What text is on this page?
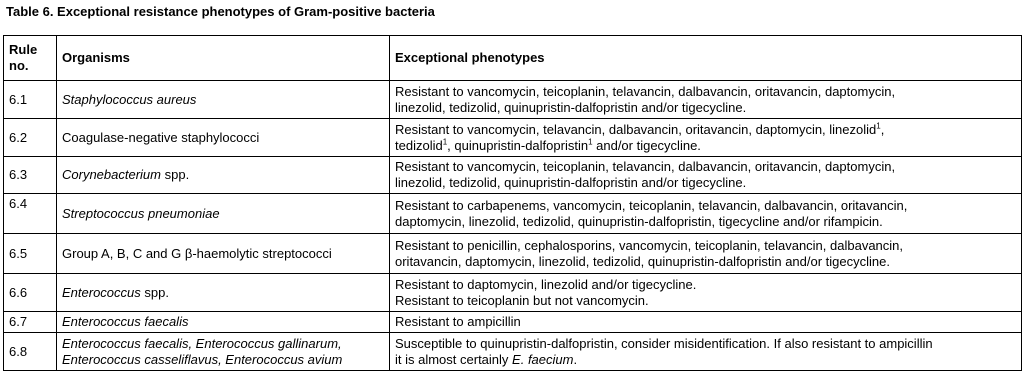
Table 6. Exceptional resistance phenotypes of Gram-positive bacteria
Rule
no.	Organisms	Exceptional phenotypes
6.1	Staphylococcus aureus	Resistant to vancomycin, teicoplanin, telavancin, dalbavancin, oritavancin, daptomycin,
linezolid, tedizolid, quinupristin-dalfopristin and/or tigecycline.
6.2	Coagulase-negative staphylococci	Resistant to vancomycin, telavancin, dalbavancin, oritavancin, daptomycin, linezolid$^1$,
tedizolid$^1$, quinupristin-dalfopristin$^1$ and/or tigecycline.
6.3	Corynebacterium spp.	Resistant to vancomycin, teicoplanin, telavancin, dalbavancin, oritavancin, daptomycin,
linezolid, tedizolid, quinupristin-dalfopristin and/or tigecycline.
6.4	Streptococcus pneumoniae	Resistant to carbapenems, vancomycin, teicoplanin, telavancin, dalbavancin, oritavancin,
daptomycin, linezolid, tedizolid, quinupristin-dalfopristin, tigecycline and/or rifampicin.
6.5	Group A, B, C and G β-haemolytic streptococci	Resistant to penicillin, cephalosporins, vancomycin, teicoplanin, telavancin, dalbavancin,
oritavancin, daptomycin, linezolid, tedizolid, quinupristin-dalfopristin and/or tigecycline.
6.6	Enterococcus spp.	Resistant to daptomycin, linezolid and/or tigecycline.
Resistant to teicoplanin but not vancomycin.
6.7	Enterococcus faecalis	Resistant to ampicillin
6.8	Enterococcus faecalis, Enterococcus gallinarum,
Enterococcus casseliflavus, Enterococcus avium	Susceptible to quinupristin-dalfopristin, consider misidentification. If also resistant to ampicillin
it is almost certainly E. faecium.
